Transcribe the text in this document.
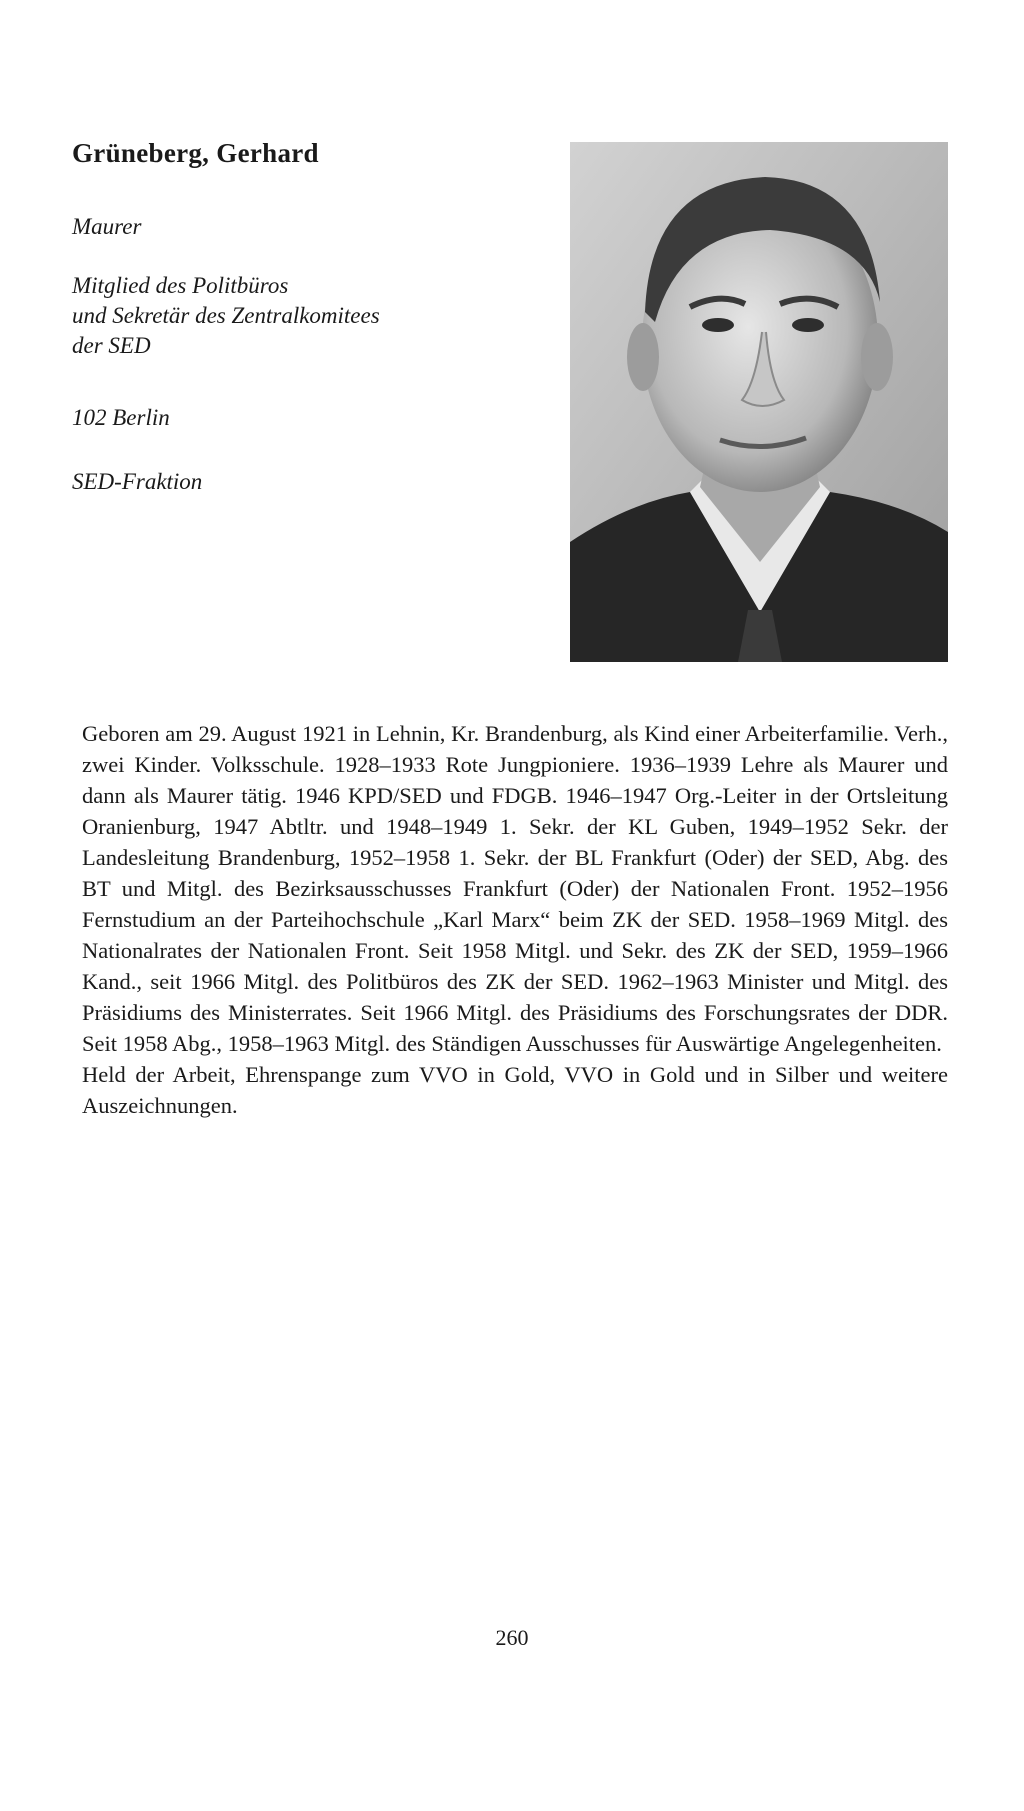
Grüneberg, Gerhard
Maurer
Mitglied des Politbüros
und Sekretär des Zentralkomitees
der SED
102 Berlin
SED-Fraktion

Geboren am 29. August 1921 in Lehnin, Kr. Brandenburg, als Kind einer Arbeiterfamilie. Verh., zwei Kinder. Volksschule. 1928–1933 Rote Jungpioniere. 1936–1939 Lehre als Maurer und dann als Maurer tätig. 1946 KPD/SED und FDGB. 1946–1947 Org.-Leiter in der Ortsleitung Oranienburg, 1947 Abtltr. und 1948–1949 1. Sekr. der KL Guben, 1949–1952 Sekr. der Landesleitung Brandenburg, 1952–1958 1. Sekr. der BL Frankfurt (Oder) der SED, Abg. des BT und Mitgl. des Bezirksausschusses Frankfurt (Oder) der Nationalen Front. 1952–1956 Fernstudium an der Parteihochschule „Karl Marx“ beim ZK der SED. 1958–1969 Mitgl. des Nationalrates der Nationalen Front. Seit 1958 Mitgl. und Sekr. des ZK der SED, 1959–1966 Kand., seit 1966 Mitgl. des Politbüros des ZK der SED. 1962–1963 Minister und Mitgl. des Präsidiums des Ministerrates. Seit 1966 Mitgl. des Präsidiums des Forschungsrates der DDR. Seit 1958 Abg., 1958–1963 Mitgl. des Ständigen Ausschusses für Auswärtige Angelegenheiten.

Held der Arbeit, Ehrenspange zum VVO in Gold, VVO in Gold und in Silber und weitere Auszeichnungen.

260
